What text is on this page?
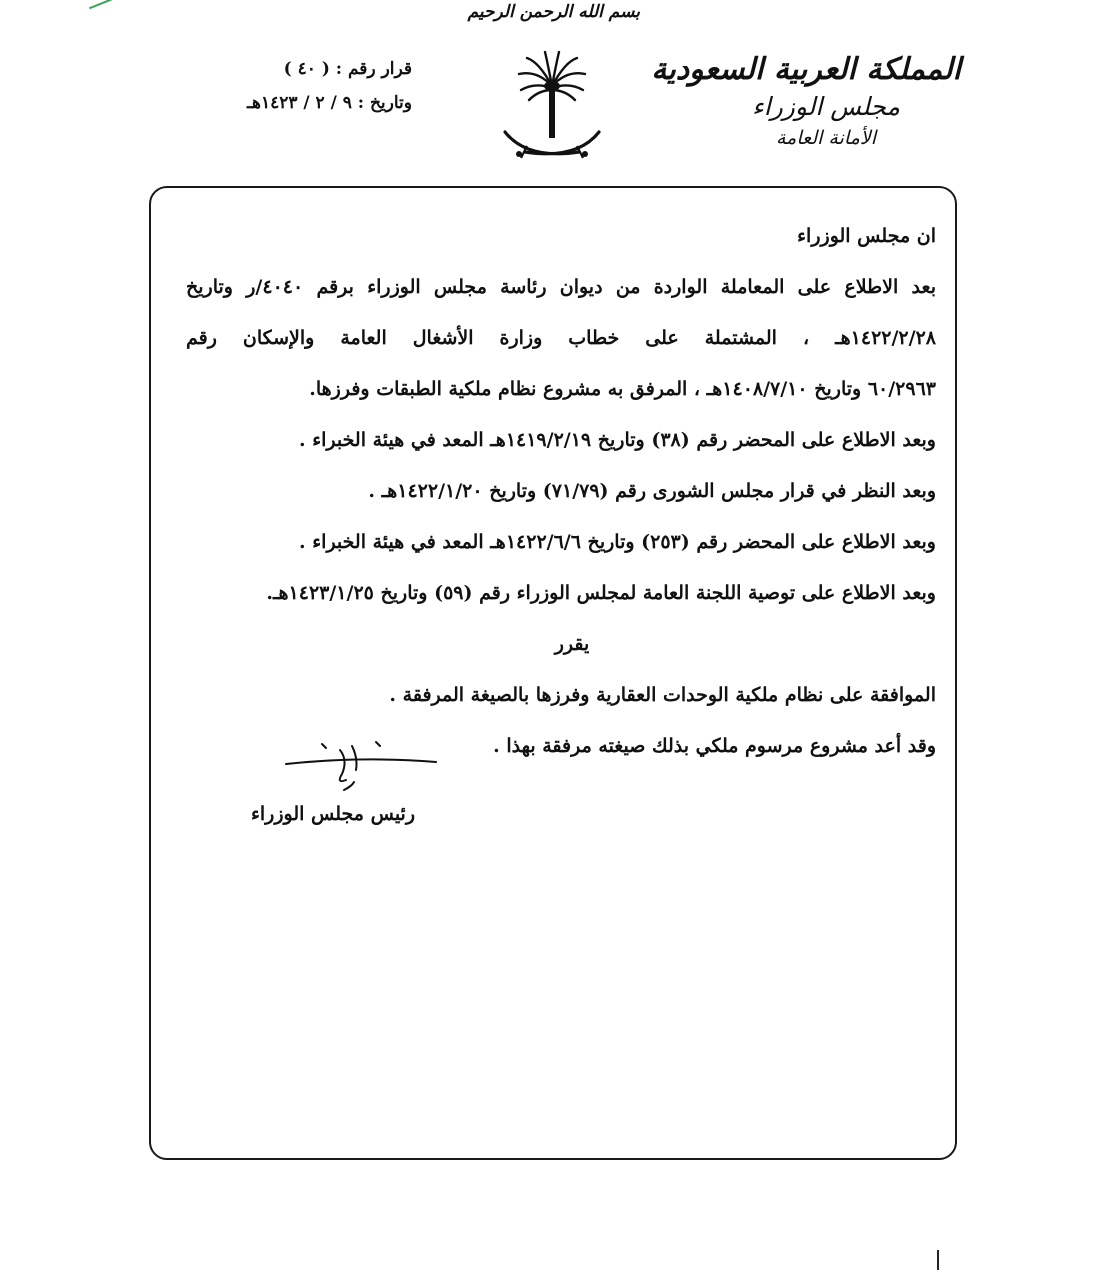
بسم الله الرحمن الرحيم
المملكة العربية السعودية
مجلس الوزراء
الأمانة العامة
قرار رقم : ( ٤٠ )
وتاريخ : ٩ / ٢ / ١٤٢٣هـ
ان مجلس الوزراء
بعد الاطلاع على المعاملة الواردة من ديوان رئاسة مجلس الوزراء برقم ٤٠٤٠/ر وتاريخ
١٤٢٢/٢/٢٨هـ ، المشتملة على خطاب وزارة الأشغال العامة والإسكان رقم
٦٠/٢٩٦٣ وتاريخ ١٤٠٨/٧/١٠هـ ، المرفق به مشروع نظام ملكية الطبقات وفرزها.
وبعد الاطلاع على المحضر رقم (٣٨) وتاريخ ١٤١٩/٢/١٩هـ المعد في هيئة الخبراء .
وبعد النظر في قرار مجلس الشورى رقم (٧١/٧٩) وتاريخ ١٤٢٢/١/٢٠هـ .
وبعد الاطلاع على المحضر رقم (٢٥٣) وتاريخ ١٤٢٢/٦/٦هـ المعد في هيئة الخبراء .
وبعد الاطلاع على توصية اللجنة العامة لمجلس الوزراء رقم (٥٩) وتاريخ ١٤٢٣/١/٢٥هـ.
يقرر
الموافقة على نظام ملكية الوحدات العقارية وفرزها بالصيغة المرفقة .
وقد أعد مشروع مرسوم ملكي بذلك صيغته مرفقة بهذا .
رئيس مجلس الوزراء
